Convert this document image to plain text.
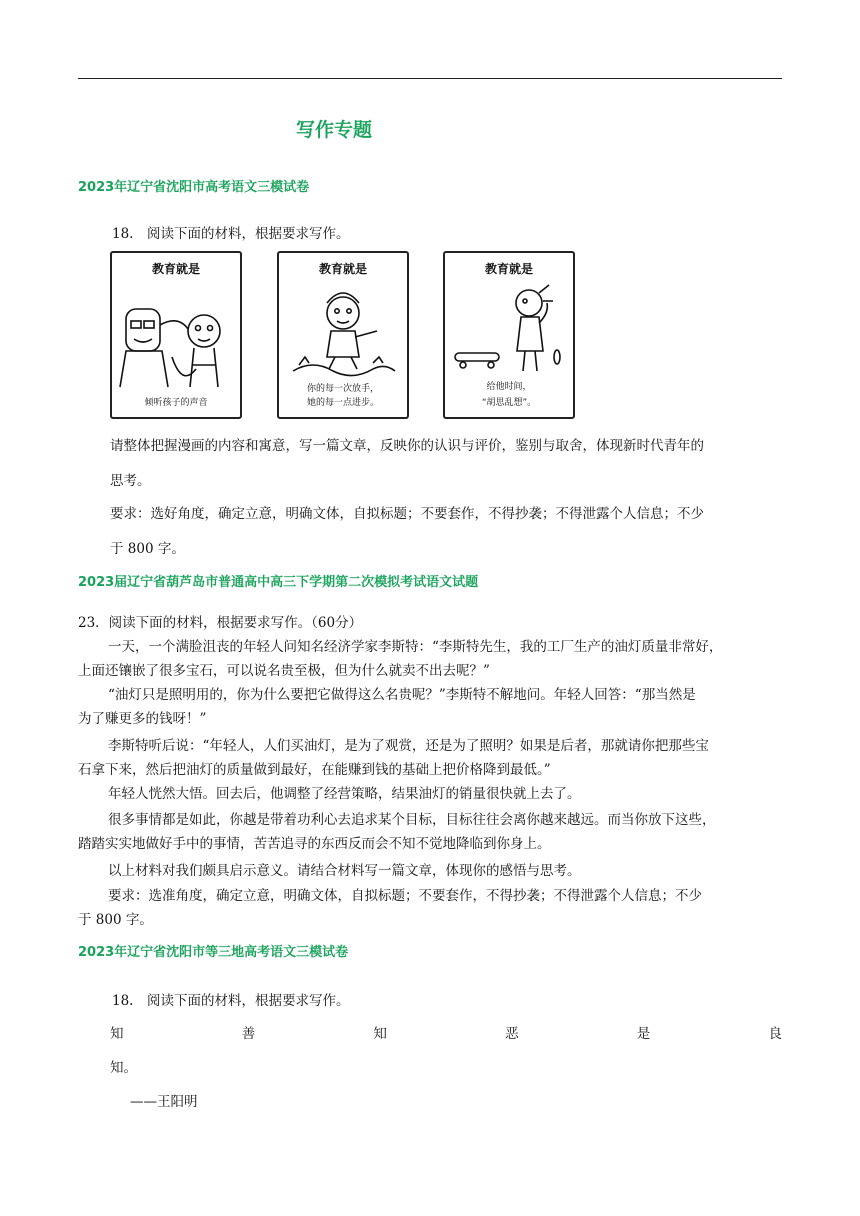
写作专题
2023年辽宁省沈阳市高考语文三模试卷
18.　阅读下面的材料，根据要求写作。
教育就是
倾听孩子的声音
教育就是
你的每一次放手，
她的每一点进步。
教育就是
给他时间，
“胡思乱想”。
请整体把握漫画的内容和寓意，写一篇文章，反映你的认识与评价，鉴别与取舍，体现新时代青年的
思考。
要求：选好角度，确定立意，明确文体，自拟标题；不要套作，不得抄袭；不得泄露个人信息；不少
于 800 字。
2023届辽宁省葫芦岛市普通高中高三下学期第二次模拟考试语文试题
23．阅读下面的材料，根据要求写作。（60分）
一天，一个满脸沮丧的年轻人问知名经济学家李斯特：“李斯特先生，我的工厂生产的油灯质量非常好，
上面还镶嵌了很多宝石，可以说名贵至极，但为什么就卖不出去呢？”
“油灯只是照明用的，你为什么要把它做得这么名贵呢？”李斯特不解地问。年轻人回答：“那当然是
为了赚更多的钱呀！”
李斯特听后说：“年轻人，人们买油灯，是为了观赏，还是为了照明？如果是后者，那就请你把那些宝
石拿下来，然后把油灯的质量做到最好，在能赚到钱的基础上把价格降到最低。”
年轻人恍然大悟。回去后，他调整了经营策略，结果油灯的销量很快就上去了。
很多事情都是如此，你越是带着功利心去追求某个目标，目标往往会离你越来越远。而当你放下这些，
踏踏实实地做好手中的事情，苦苦追寻的东西反而会不知不觉地降临到你身上。
以上材料对我们颇具启示意义。请结合材料写一篇文章，体现你的感悟与思考。
要求：选准角度，确定立意，明确文体，自拟标题；不要套作，不得抄袭；不得泄露个人信息；不少
于 800 字。
2023年辽宁省沈阳市等三地高考语文三模试卷
18.　阅读下面的材料，根据要求写作。
知	善	知	恶	是	良
知。
——王阳明
